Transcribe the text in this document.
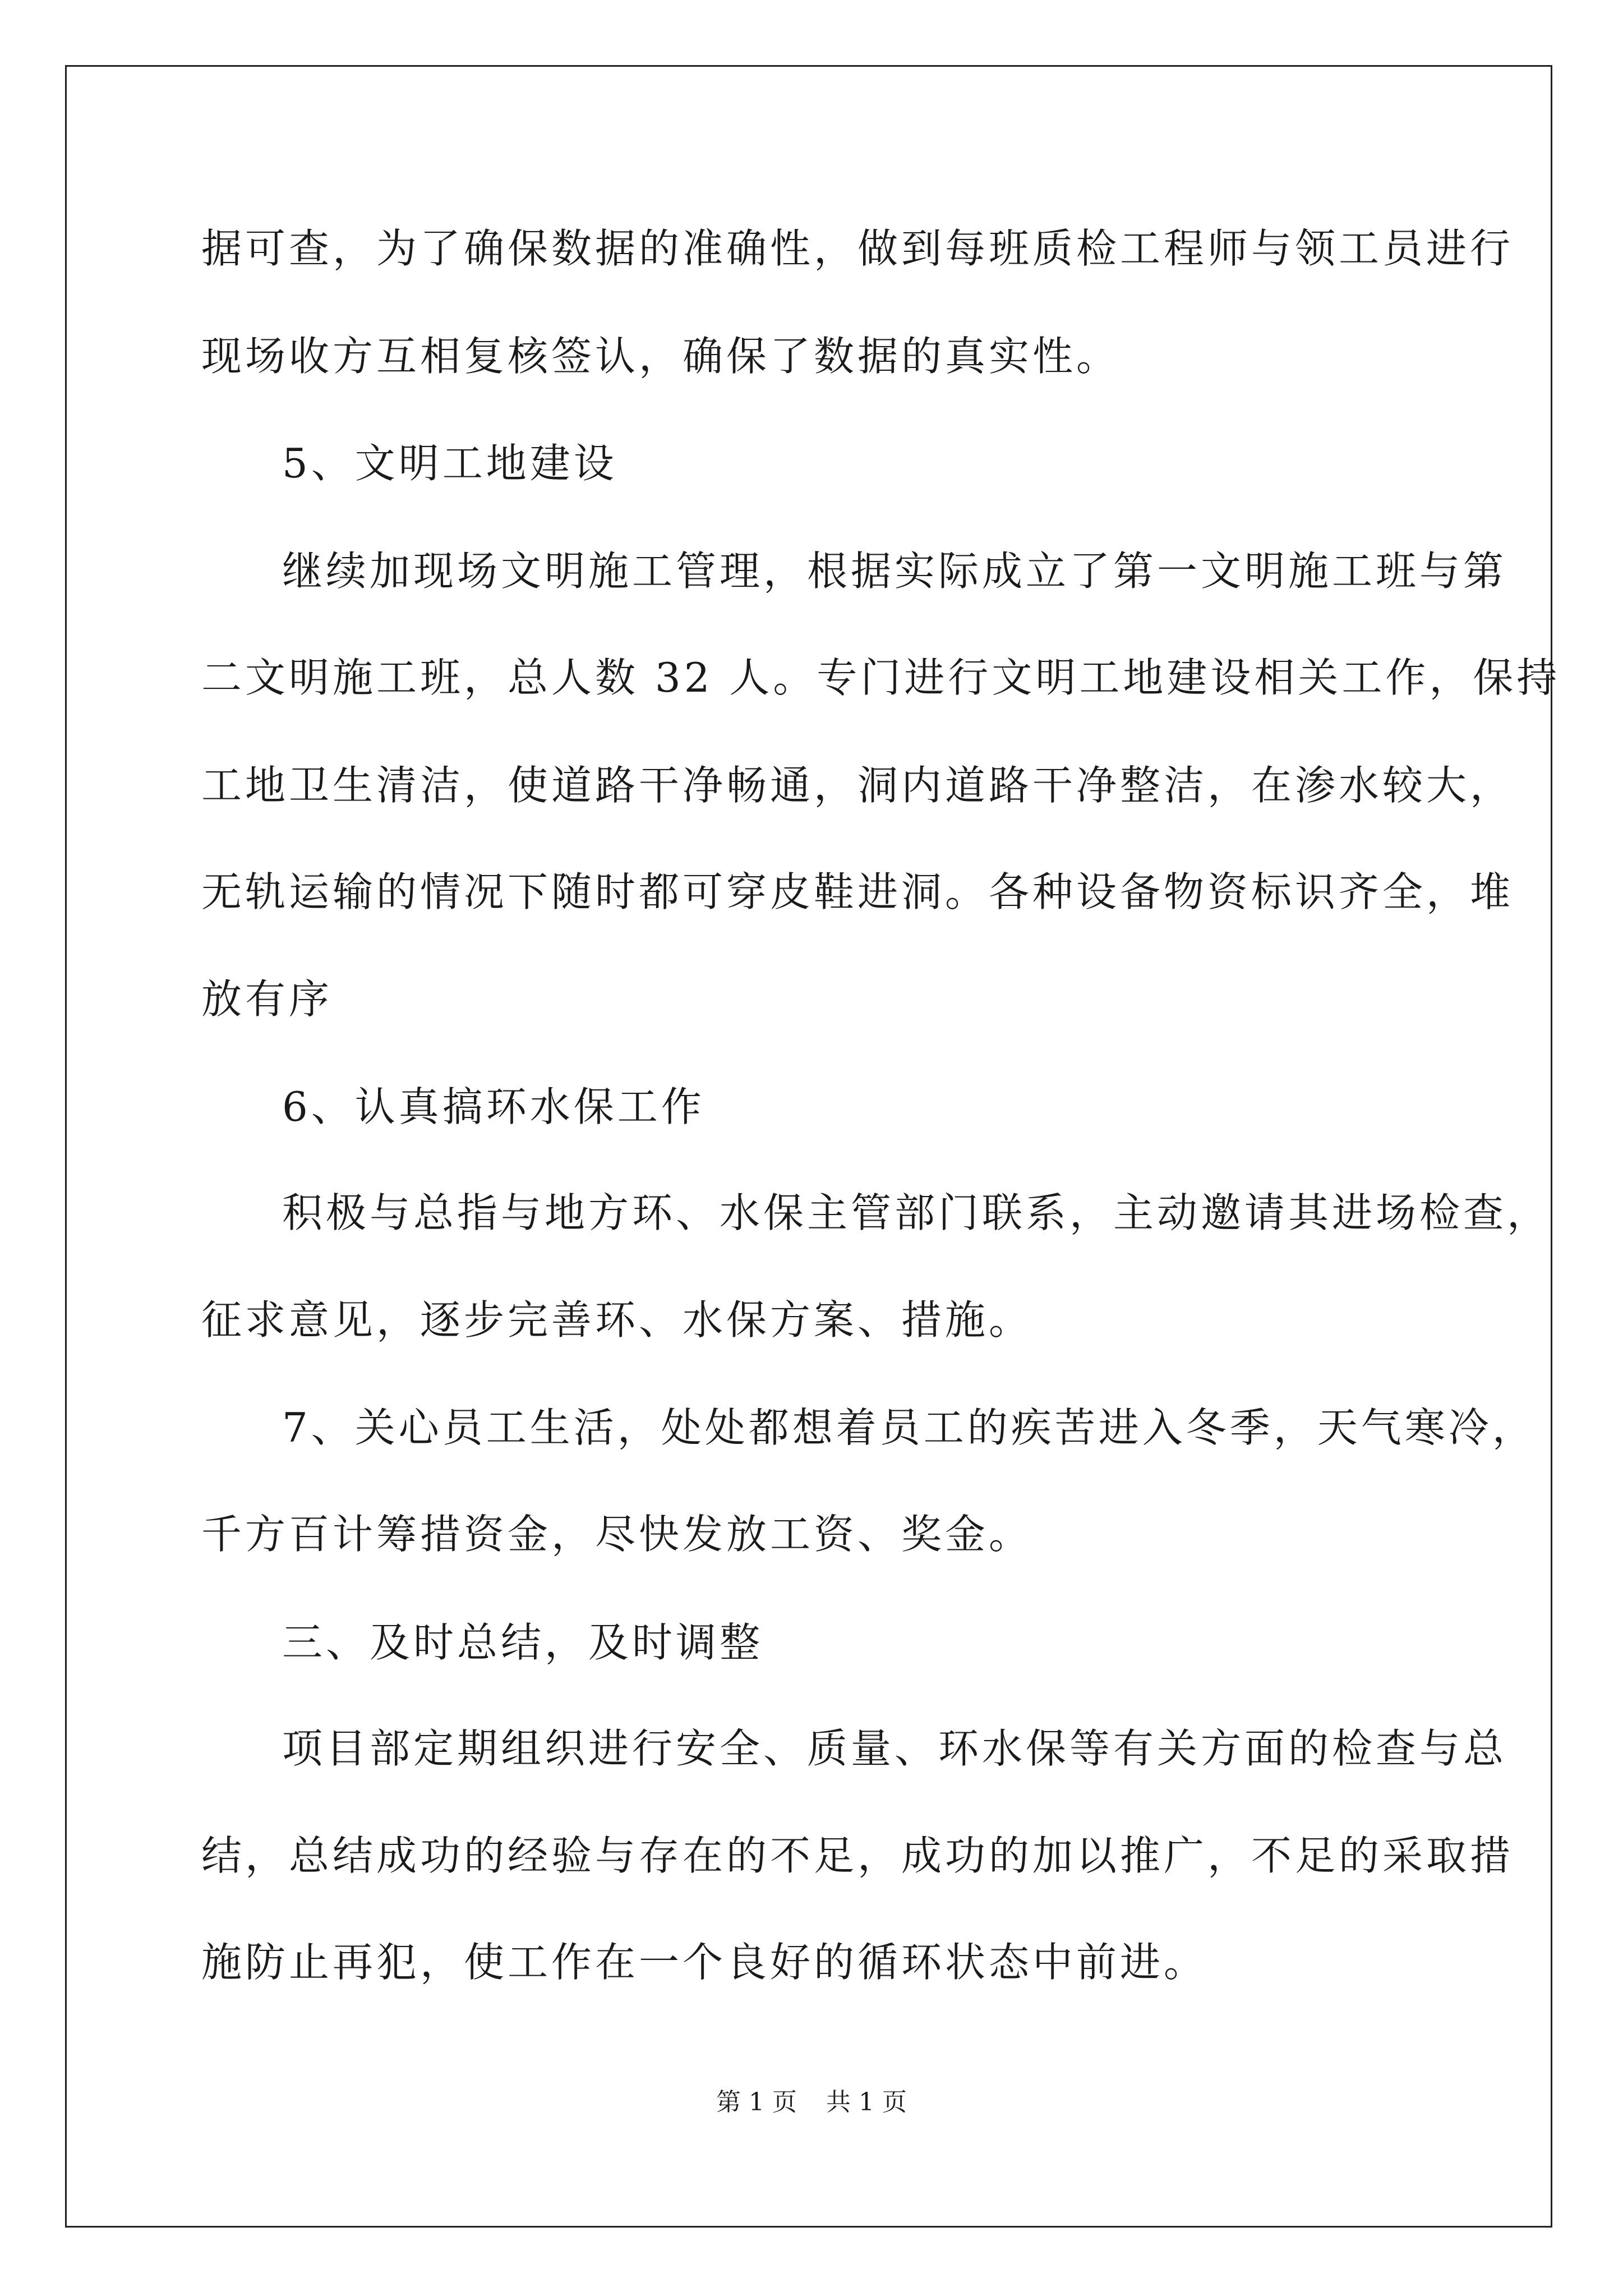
据可查，为了确保数据的准确性，做到每班质检工程师与领工员进行

现场收方互相复核签认，确保了数据的真实性。

5、文明工地建设

继续加现场文明施工管理，根据实际成立了第一文明施工班与第

二文明施工班，总人数 32 人。专门进行文明工地建设相关工作，保持

工地卫生清洁，使道路干净畅通，洞内道路干净整洁，在渗水较大，

无轨运输的情况下随时都可穿皮鞋进洞。各种设备物资标识齐全，堆

放有序

6、认真搞环水保工作

积极与总指与地方环、水保主管部门联系，主动邀请其进场检查，

征求意见，逐步完善环、水保方案、措施。

7、关心员工生活，处处都想着员工的疾苦进入冬季，天气寒冷，

千方百计筹措资金，尽快发放工资、奖金。

三、及时总结，及时调整

项目部定期组织进行安全、质量、环水保等有关方面的检查与总

结，总结成功的经验与存在的不足，成功的加以推广，不足的采取措

施防止再犯，使工作在一个良好的循环状态中前进。

第 1 页 共 1 页
